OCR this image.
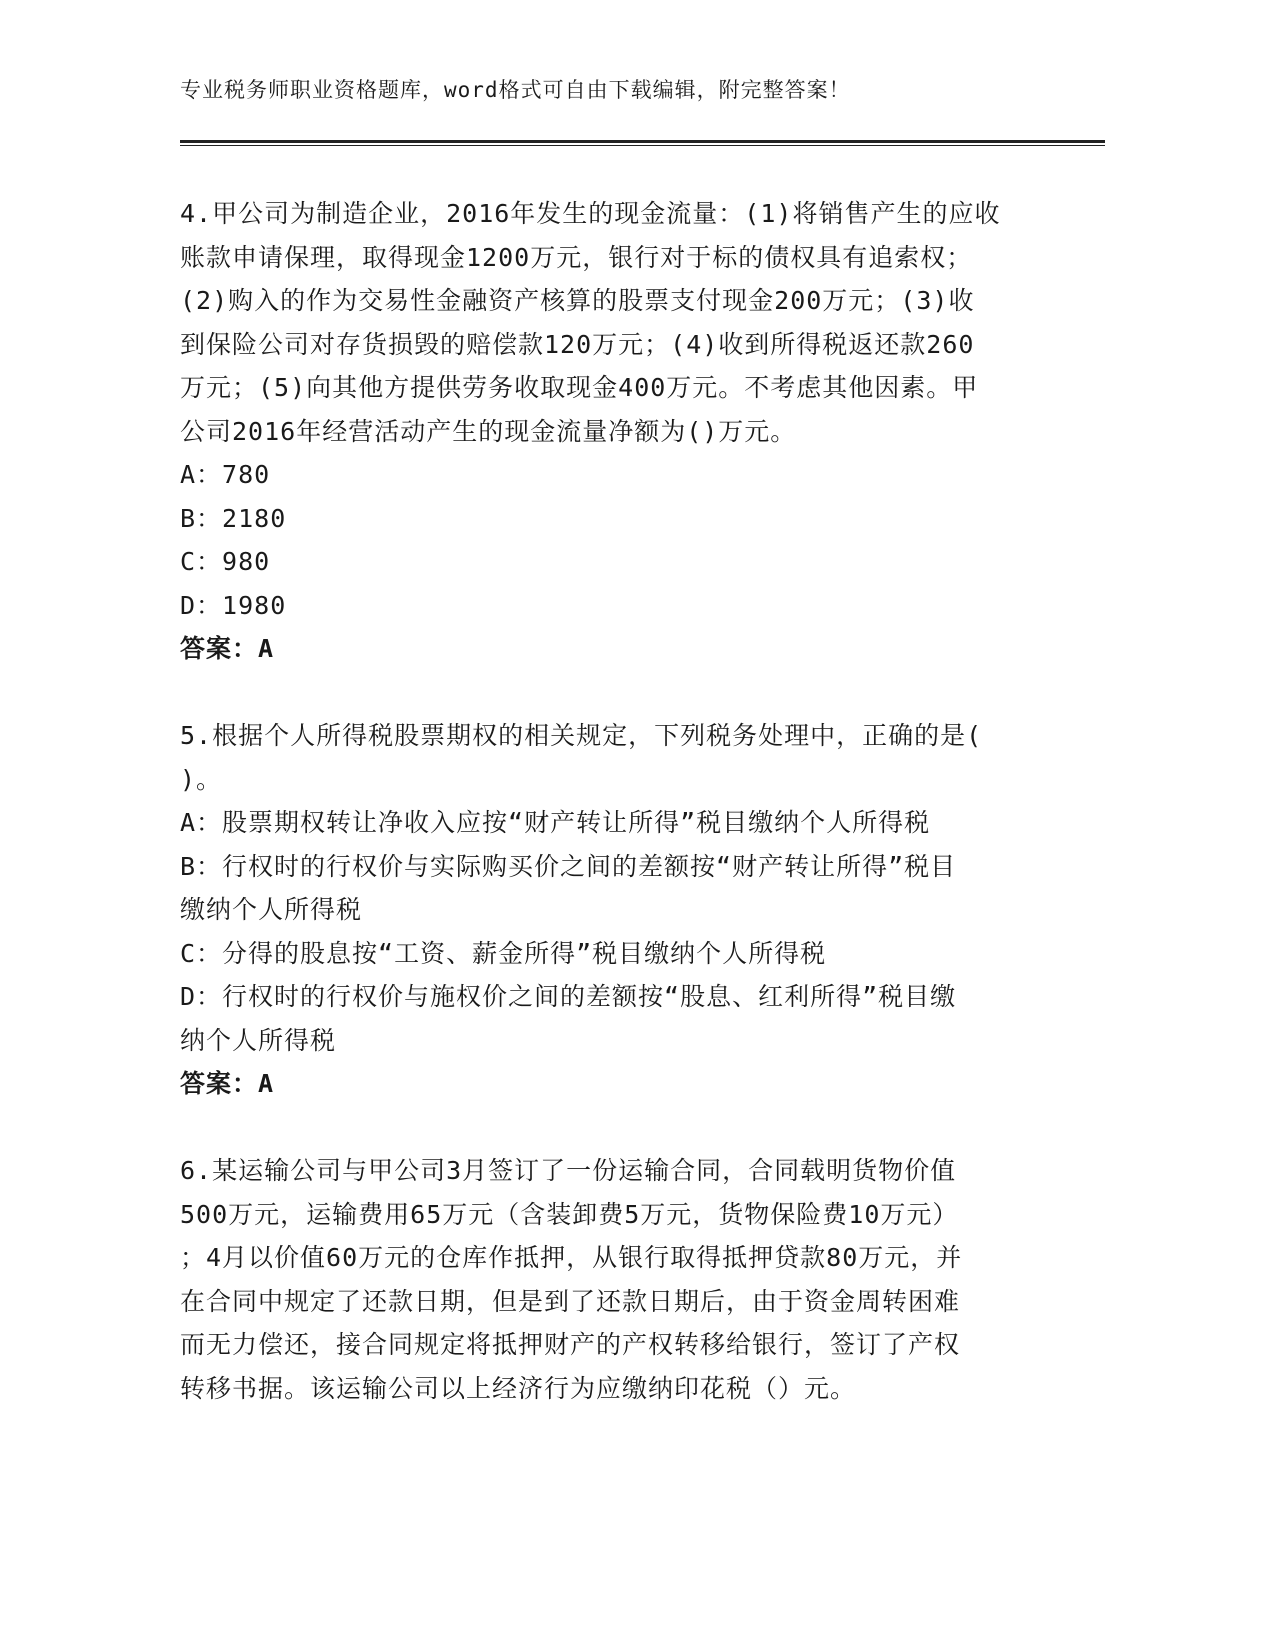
专业税务师职业资格题库，word格式可自由下载编辑，附完整答案！
4.甲公司为制造企业，2016年发生的现金流量：(1)将销售产生的应收
账款申请保理，取得现金1200万元，银行对于标的债权具有追索权；
(2)购入的作为交易性金融资产核算的股票支付现金200万元；(3)收
到保险公司对存货损毁的赔偿款120万元；(4)收到所得税返还款260
万元；(5)向其他方提供劳务收取现金400万元。不考虑其他因素。甲
公司2016年经营活动产生的现金流量净额为()万元。
A：780
B：2180
C：980
D：1980
答案：A
5.根据个人所得税股票期权的相关规定，下列税务处理中，正确的是(
)。
A：股票期权转让净收入应按“财产转让所得”税目缴纳个人所得税
B：行权时的行权价与实际购买价之间的差额按“财产转让所得”税目
缴纳个人所得税
C：分得的股息按“工资、薪金所得”税目缴纳个人所得税
D：行权时的行权价与施权价之间的差额按“股息、红利所得”税目缴
纳个人所得税
答案：A
6.某运输公司与甲公司3月签订了一份运输合同，合同载明货物价值
500万元，运输费用65万元（含装卸费5万元，货物保险费10万元）
；4月以价值60万元的仓库作抵押，从银行取得抵押贷款80万元，并
在合同中规定了还款日期，但是到了还款日期后，由于资金周转困难
而无力偿还，接合同规定将抵押财产的产权转移给银行，签订了产权
转移书据。该运输公司以上经济行为应缴纳印花税（）元。
